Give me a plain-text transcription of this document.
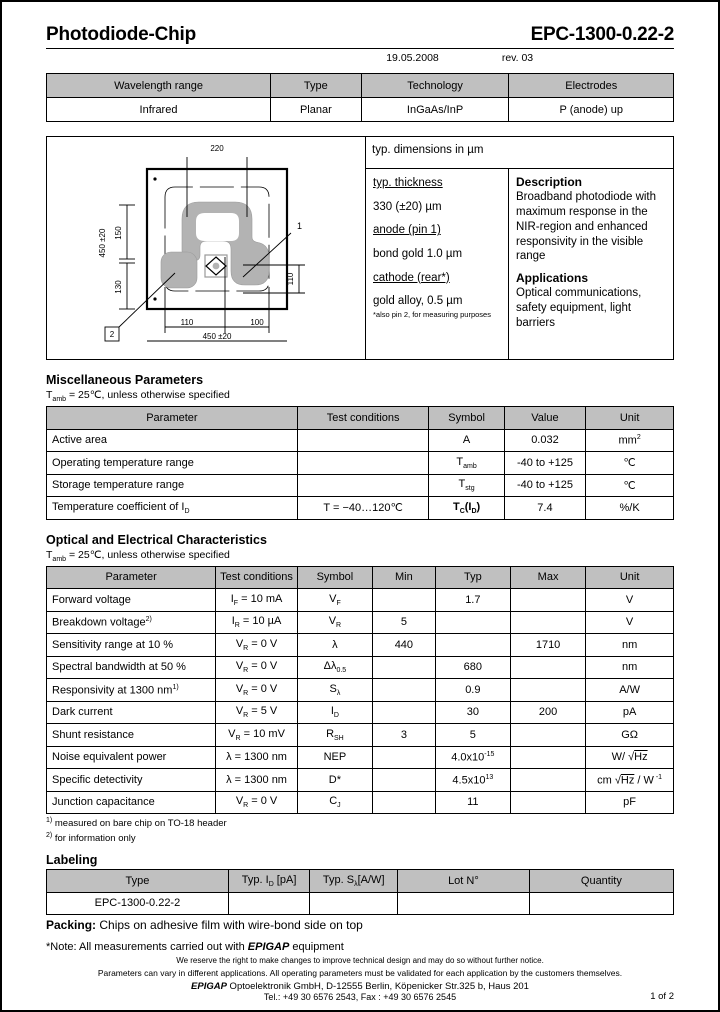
Photodiode-Chip	EPC-1300-0.22-2
19.05.2008	rev. 03
Wavelength range	Type	Technology	Electrodes
Infrared	Planar	InGaAs/InP	P (anode) up
220
150
130
450 ±20
110
110	100
450 ±20
1
2
typ. dimensions in µm
typ. thickness
330 (±20) µm
anode (pin 1)
bond gold 1.0 µm
cathode (rear*)
gold alloy, 0.5 µm
*also pin 2, for measuring purposes
Description
Broadband photodiode with maximum response in the NIR-region and enhanced responsivity in the visible range
Applications
Optical communications, safety equipment, light barriers
Miscellaneous Parameters
$T_{amb}$ = 25℃, unless otherwise specified
Parameter	Test conditions	Symbol	Value	Unit
Active area		A	0.032	$mm^2$
Operating temperature range		$T_{amb}$	-40 to +125	℃
Storage temperature range		$T_{stg}$	-40 to +125	℃
Temperature coefficient of $I_D$	T = −40…120℃	$T_C(I_D)$	7.4	%/K
Optical and Electrical Characteristics
$T_{amb}$ = 25℃, unless otherwise specified
Parameter	Test conditions	Symbol	Min	Typ	Max	Unit
Forward voltage	$I_F = 10$ mA	$V_F$		1.7		V
Breakdown voltage$^{2)}$	$I_R = 10$ µA	$V_R$	5			V
Sensitivity range at 10 %	$V_R = 0$ V	λ	440		1710	nm
Spectral bandwidth at 50 %	$V_R = 0$ V	$\Delta\lambda_{0.5}$		680		nm
Responsivity at 1300 $nm^{1)}$	$V_R = 0$ V	$S_\lambda$		0.9		A/W
Dark current	$V_R = 5$ V	$I_D$		30	200	pA
Shunt resistance	$V_R = 10$ mV	$R_{SH}$	3	5		GΩ
Noise equivalent power	λ = 1300 nm	NEP		$4.0x10^{-15}$		W/ √Hz
Specific detectivity	λ = 1300 nm	D*		$4.5x10^{13}$		cm √Hz / W $^{-1}$
Junction capacitance	$V_R = 0$ V	$C_J$		11		pF
$^{1)}$ measured on bare chip on TO-18 header
$^{2)}$ for information only
Labeling
Type	Typ. $I_D$ [pA]	Typ. $S_\lambda[A/W]$	Lot N°	Quantity
EPC-1300-0.22-2				
Packing: Chips on adhesive film with wire-bond side on top
*Note: All measurements carried out with EPIGAP equipment
We reserve the right to make changes to improve technical design and may do so without further notice.
Parameters can vary in different applications. All operating parameters must be validated for each application by the customers themselves.
EPIGAP Optoelektronik GmbH, D-12555 Berlin, Köpenicker Str.325 b, Haus 201
Tel.: +49 30 6576 2543, Fax : +49 30 6576 2545	1 of 2
